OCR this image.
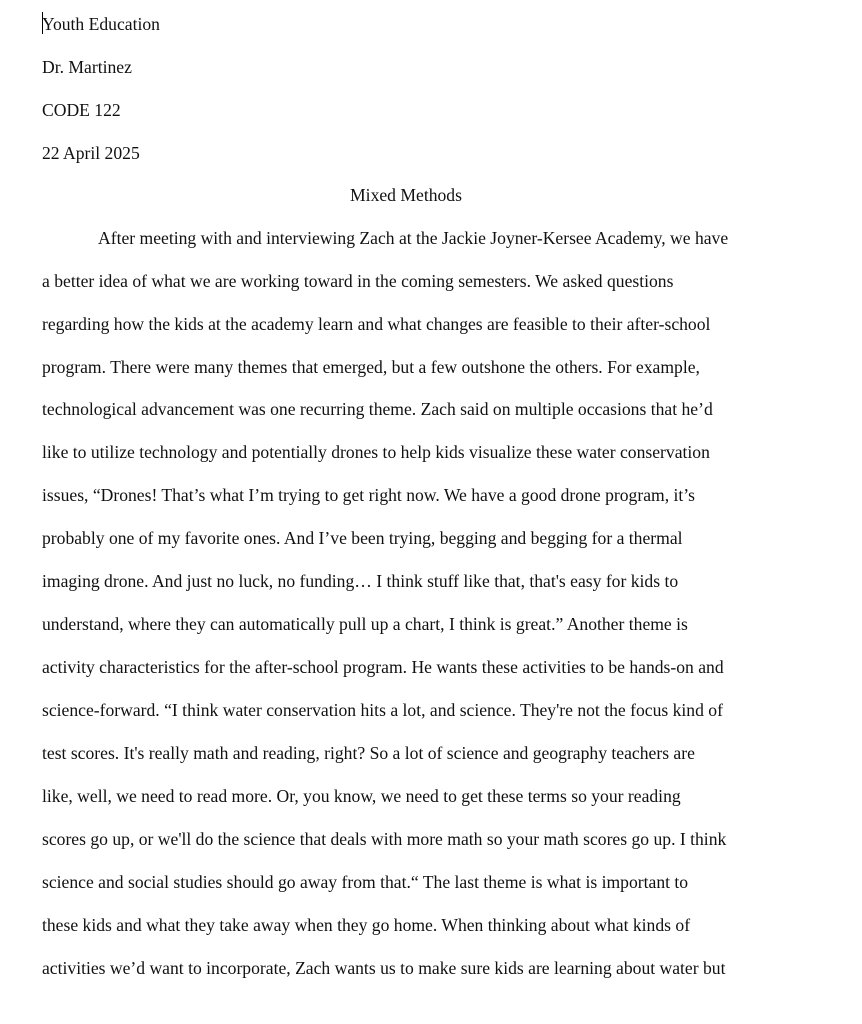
Youth Education
Dr. Martinez
CODE 122
22 April 2025
Mixed Methods
After meeting with and interviewing Zach at the Jackie Joyner-Kersee Academy, we have
a better idea of what we are working toward in the coming semesters. We asked questions
regarding how the kids at the academy learn and what changes are feasible to their after-school
program. There were many themes that emerged, but a few outshone the others. For example,
technological advancement was one recurring theme. Zach said on multiple occasions that he’d
like to utilize technology and potentially drones to help kids visualize these water conservation
issues, “Drones! That’s what I’m trying to get right now. We have a good drone program, it’s
probably one of my favorite ones. And I’ve been trying, begging and begging for a thermal
imaging drone. And just no luck, no funding… I think stuff like that, that's easy for kids to
understand, where they can automatically pull up a chart, I think is great.” Another theme is
activity characteristics for the after-school program. He wants these activities to be hands-on and
science-forward. “I think water conservation hits a lot, and science. They're not the focus kind of
test scores. It's really math and reading, right? So a lot of science and geography teachers are
like, well, we need to read more. Or, you know, we need to get these terms so your reading
scores go up, or we'll do the science that deals with more math so your math scores go up. I think
science and social studies should go away from that.“ The last theme is what is important to
these kids and what they take away when they go home. When thinking about what kinds of
activities we’d want to incorporate, Zach wants us to make sure kids are learning about water but
